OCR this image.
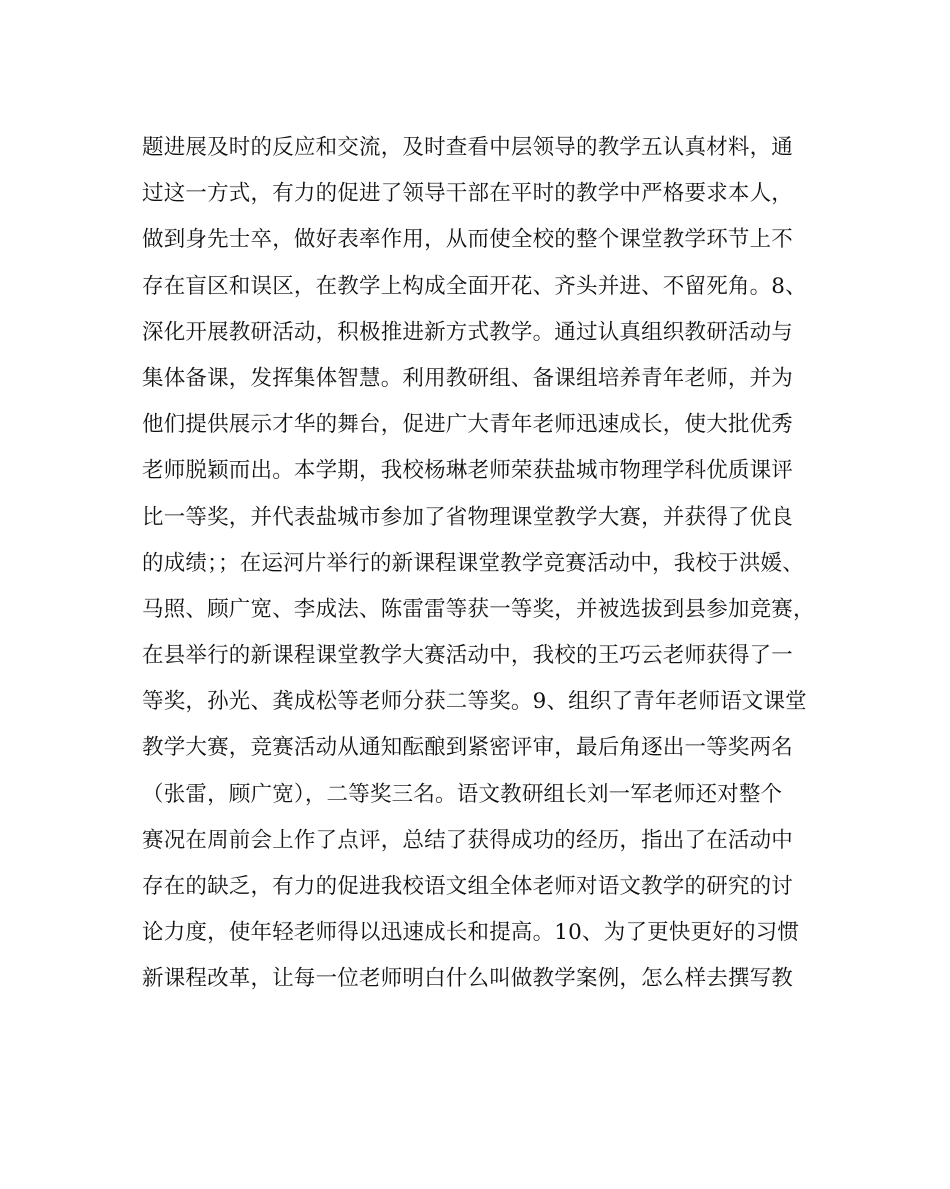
题进展及时的反应和交流，及时查看中层领导的教学五认真材料，通
过这一方式，有力的促进了领导干部在平时的教学中严格要求本人，
做到身先士卒，做好表率作用，从而使全校的整个课堂教学环节上不
存在盲区和误区，在教学上构成全面开花、齐头并进、不留死角。8、
深化开展教研活动，积极推进新方式教学。通过认真组织教研活动与
集体备课，发挥集体智慧。利用教研组、备课组培养青年老师，并为
他们提供展示才华的舞台，促进广大青年老师迅速成长，使大批优秀
老师脱颖而出。本学期，我校杨琳老师荣获盐城市物理学科优质课评
比一等奖，并代表盐城市参加了省物理课堂教学大赛，并获得了优良
的成绩；；在运河片举行的新课程课堂教学竞赛活动中，我校于洪媛、
马照、顾广宽、李成法、陈雷雷等获一等奖，并被选拔到县参加竞赛，
在县举行的新课程课堂教学大赛活动中，我校的王巧云老师获得了一
等奖，孙光、龚成松等老师分获二等奖。9、组织了青年老师语文课堂
教学大赛，竞赛活动从通知酝酿到紧密评审，最后角逐出一等奖两名
（张雷，顾广宽），二等奖三名。语文教研组长刘一军老师还对整个
赛况在周前会上作了点评，总结了获得成功的经历，指出了在活动中
存在的缺乏，有力的促进我校语文组全体老师对语文教学的研究的讨
论力度，使年轻老师得以迅速成长和提高。10、为了更快更好的习惯
新课程改革，让每一位老师明白什么叫做教学案例，怎么样去撰写教
